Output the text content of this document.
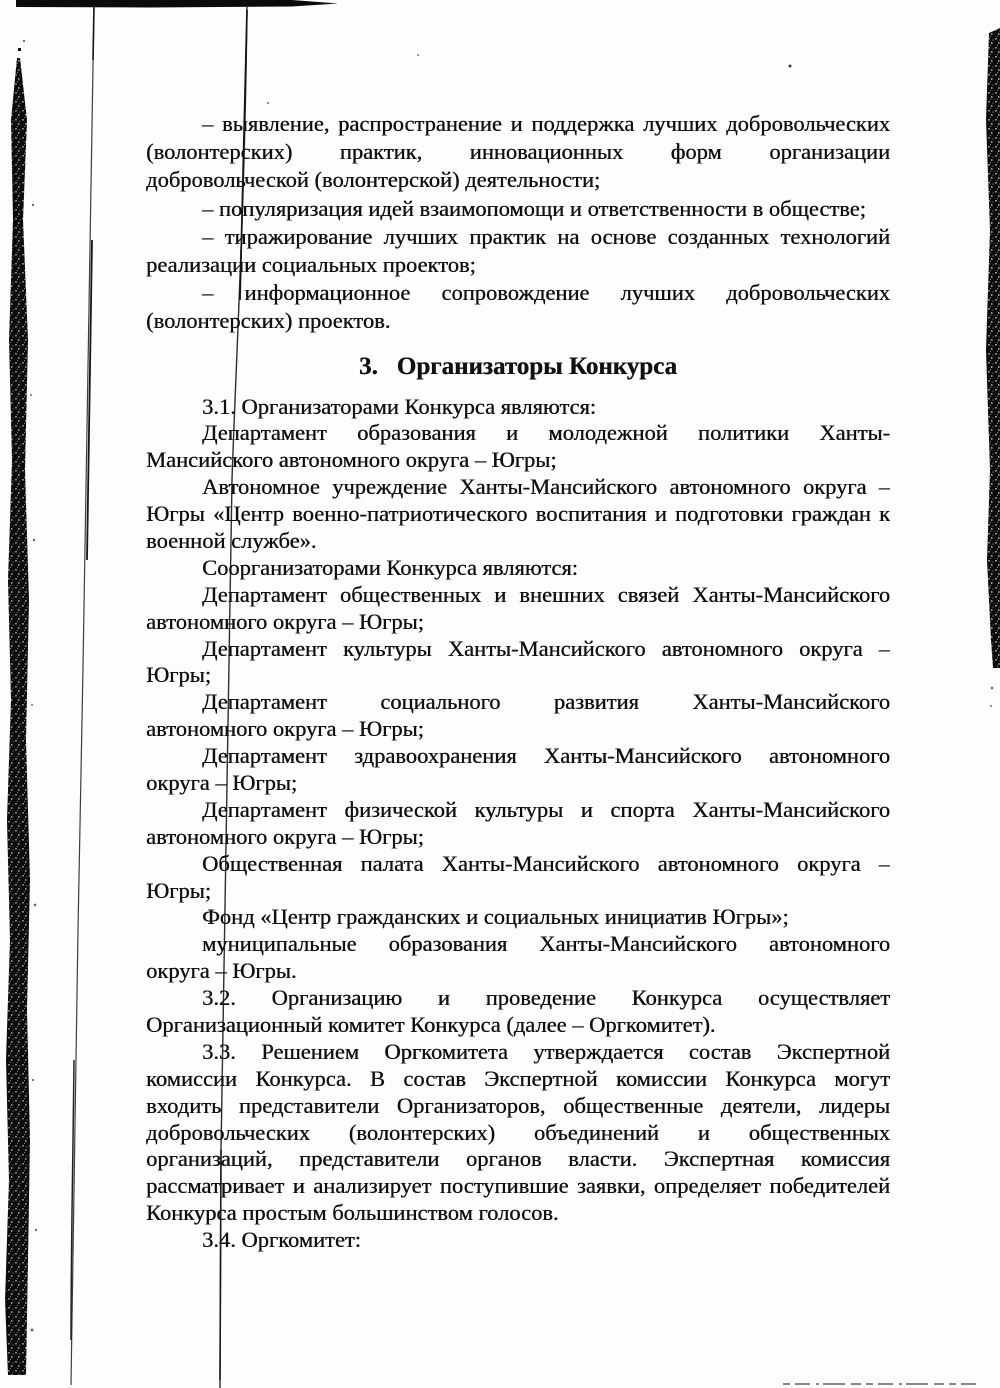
– выявление, распространение и поддержка лучших добровольческих
(волонтерских) практик, инновационных форм организации
добровольческой (волонтерской) деятельности;
– популяризация идей взаимопомощи и ответственности в обществе;
– тиражирование лучших практик на основе созданных технологий
реализации социальных проектов;
– информационное сопровождение лучших добровольческих
(волонтерских) проектов.
3. Организаторы Конкурса
3.1. Организаторами Конкурса являются:
Департамент образования и молодежной политики Ханты-
Мансийского автономного округа – Югры;
Автономное учреждение Ханты-Мансийского автономного округа –
Югры «Центр военно-патриотического воспитания и подготовки граждан к
военной службе».
Соорганизаторами Конкурса являются:
Департамент общественных и внешних связей Ханты-Мансийского
автономного округа – Югры;
Департамент культуры Ханты-Мансийского автономного округа –
Югры;
Департамент социального развития Ханты-Мансийского
автономного округа – Югры;
Департамент здравоохранения Ханты-Мансийского автономного
округа – Югры;
Департамент физической культуры и спорта Ханты-Мансийского
автономного округа – Югры;
Общественная палата Ханты-Мансийского автономного округа –
Югры;
Фонд «Центр гражданских и социальных инициатив Югры»;
муниципальные образования Ханты-Мансийского автономного
округа – Югры.
3.2. Организацию и проведение Конкурса осуществляет
Организационный комитет Конкурса (далее – Оргкомитет).
3.3. Решением Оргкомитета утверждается состав Экспертной
комиссии Конкурса. В состав Экспертной комиссии Конкурса могут
входить представители Организаторов, общественные деятели, лидеры
добровольческих (волонтерских) объединений и общественных
организаций, представители органов власти. Экспертная комиссия
рассматривает и анализирует поступившие заявки, определяет победителей
Конкурса простым большинством голосов.
3.4. Оргкомитет:
